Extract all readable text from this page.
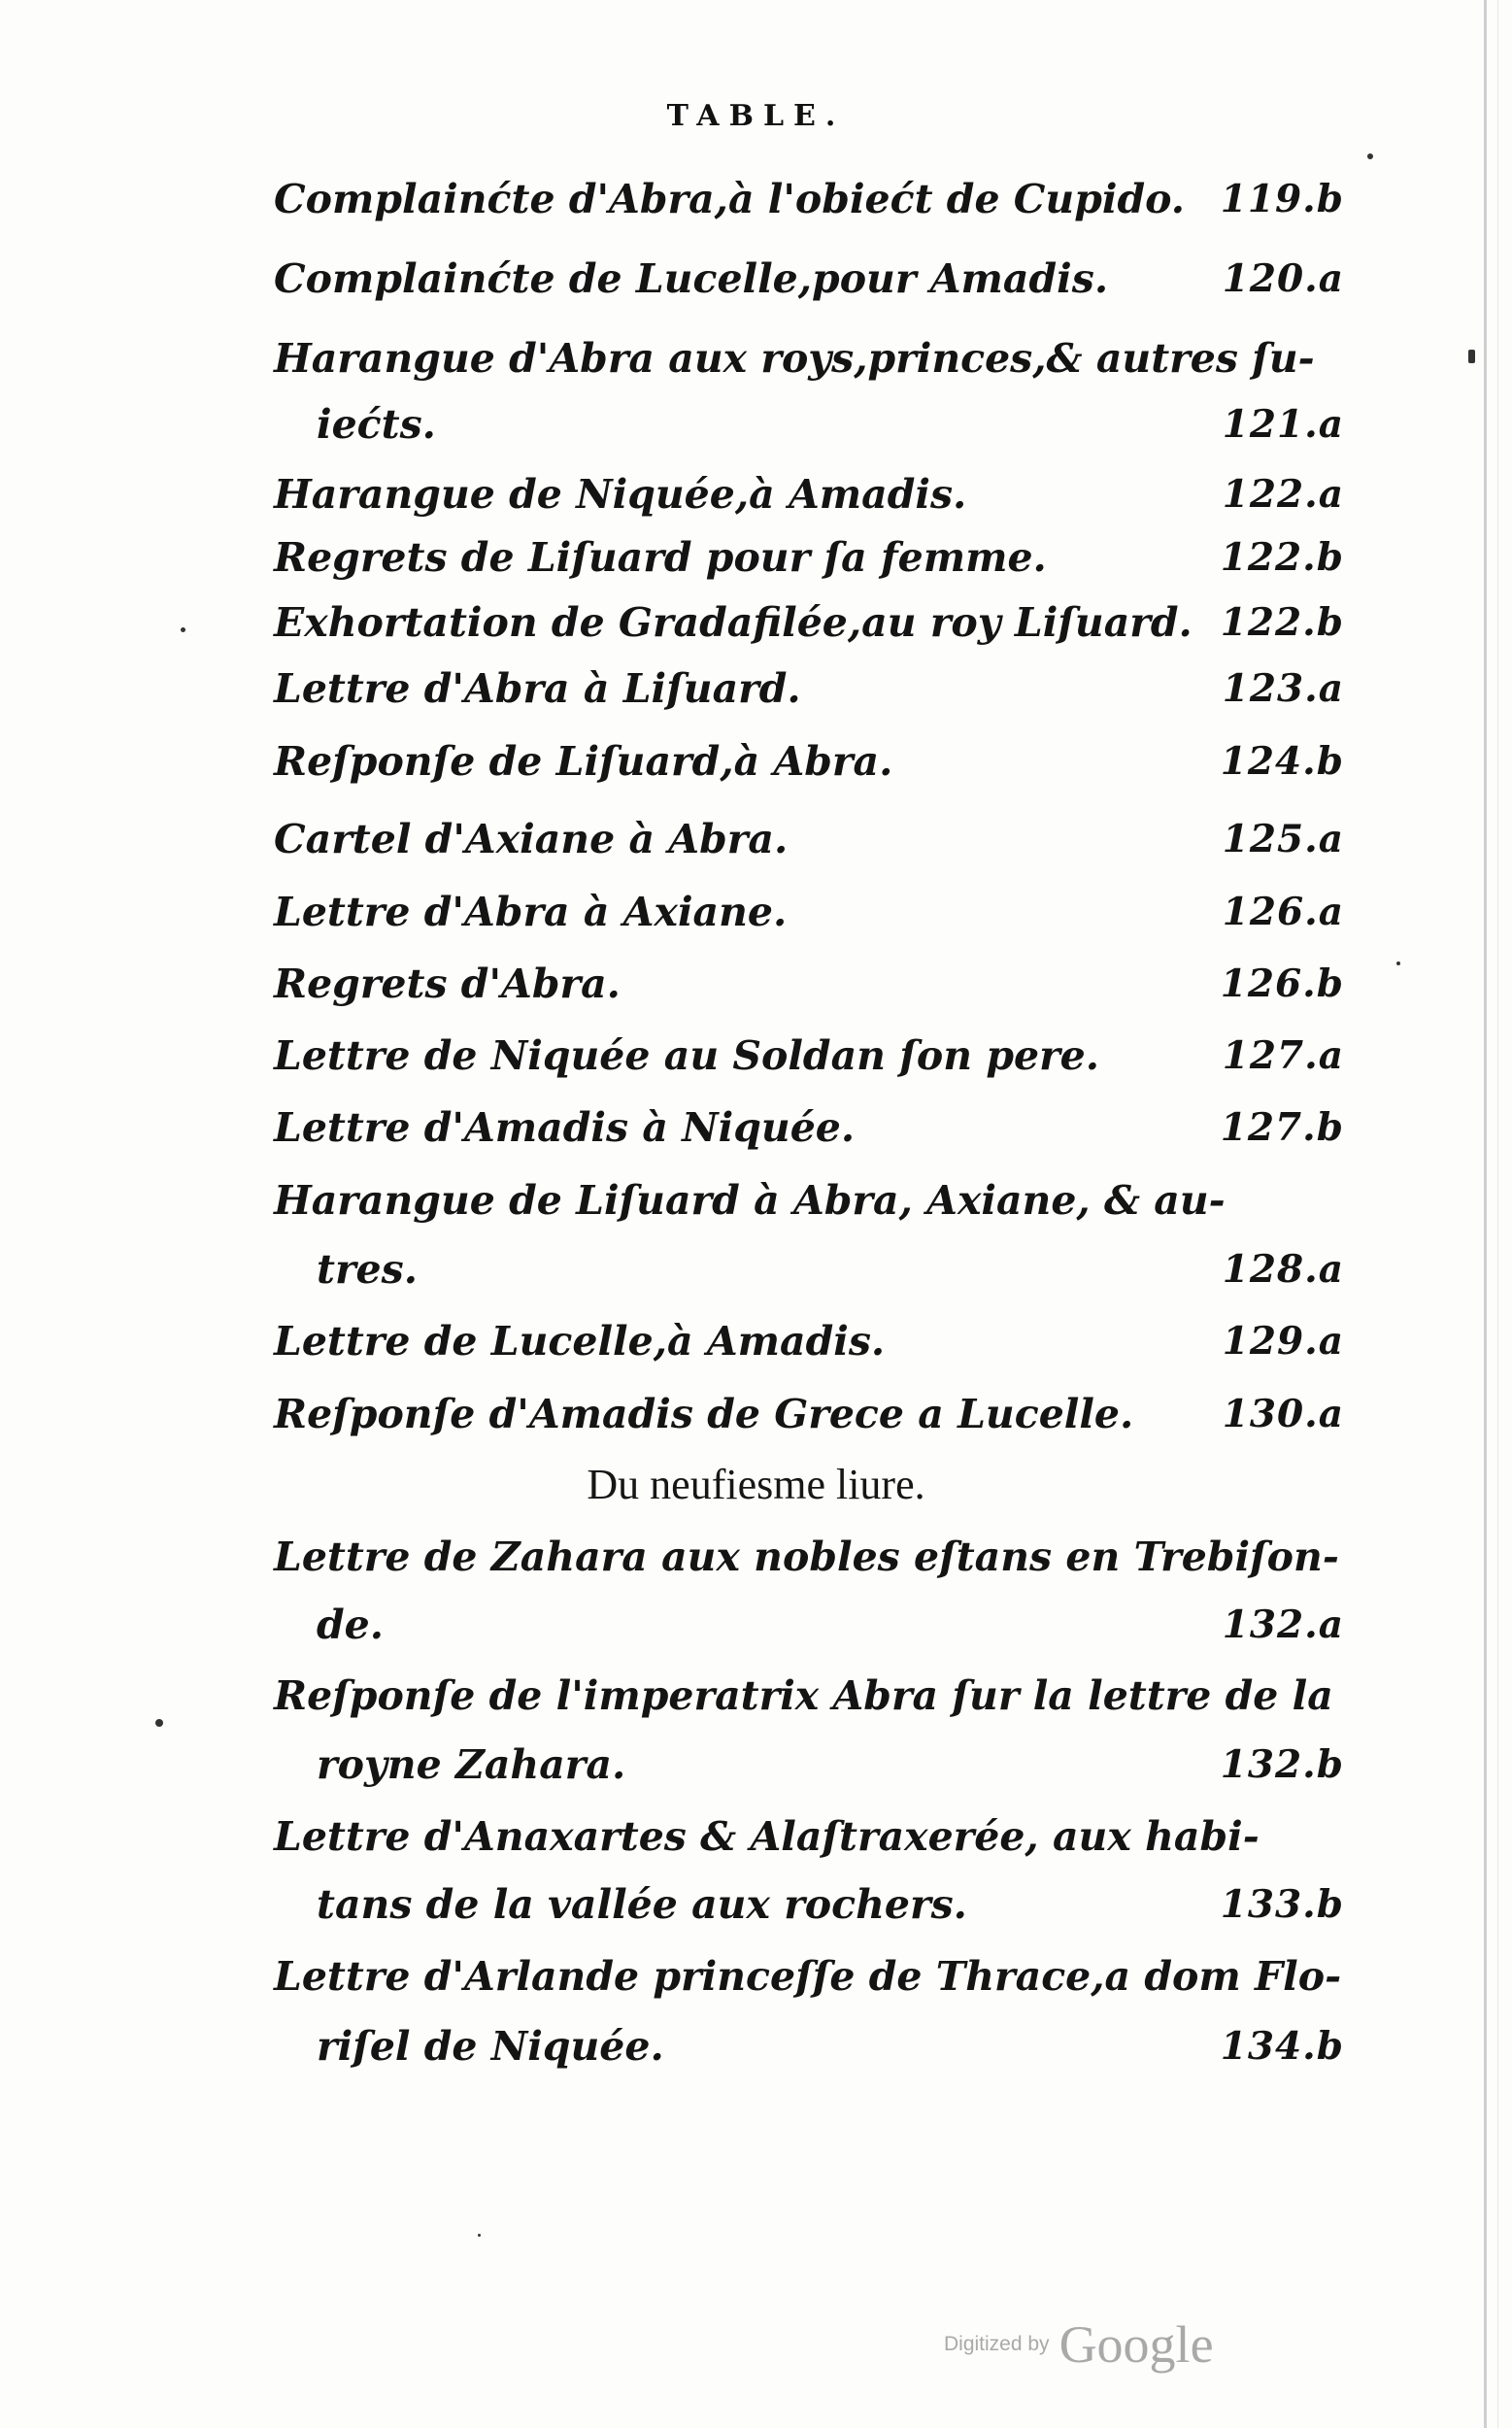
TABLE.
Complainćte d'Abra,à l'obiećt de Cupido. 119.b
Complainćte de Lucelle,pour Amadis.	120.a
Harangue d'Abra aux roys,princes,& autres ſu-
iećts.	121.a
Harangue de Niquée,à Amadis.	122.a
Regrets de Liſuard pour ſa femme.	122.b
Exhortation de Gradafilée,au roy Liſuard. 122.b
Lettre d'Abra à Liſuard.	123.a
Reſponſe de Liſuard,à Abra.	124.b
Cartel d'Axiane à Abra.	125.a
Lettre d'Abra à Axiane.	126.a
Regrets d'Abra.	126.b
Lettre de Niquée au Soldan ſon pere.	127.a
Lettre d'Amadis à Niquée.	127.b
Harangue de Liſuard à Abra, Axiane, & au-
tres.	128.a
Lettre de Lucelle,à Amadis.	129.a
Reſponſe d'Amadis de Grece a Lucelle. 130.a
Du neufiesme liure.
Lettre de Zahara aux nobles eſtans en Trebiſon-
de.	132.a
Reſponſe de l'imperatrix Abra ſur la lettre de la
royne Zahara.	132.b
Lettre d'Anaxartes & Alaſtraxerée, aux habi-
tans de la vallée aux rochers.	133.b
Lettre d'Arlande princeſſe de Thrace,a dom Flo-
riſel de Niquée.	134.b
Digitized by Google
